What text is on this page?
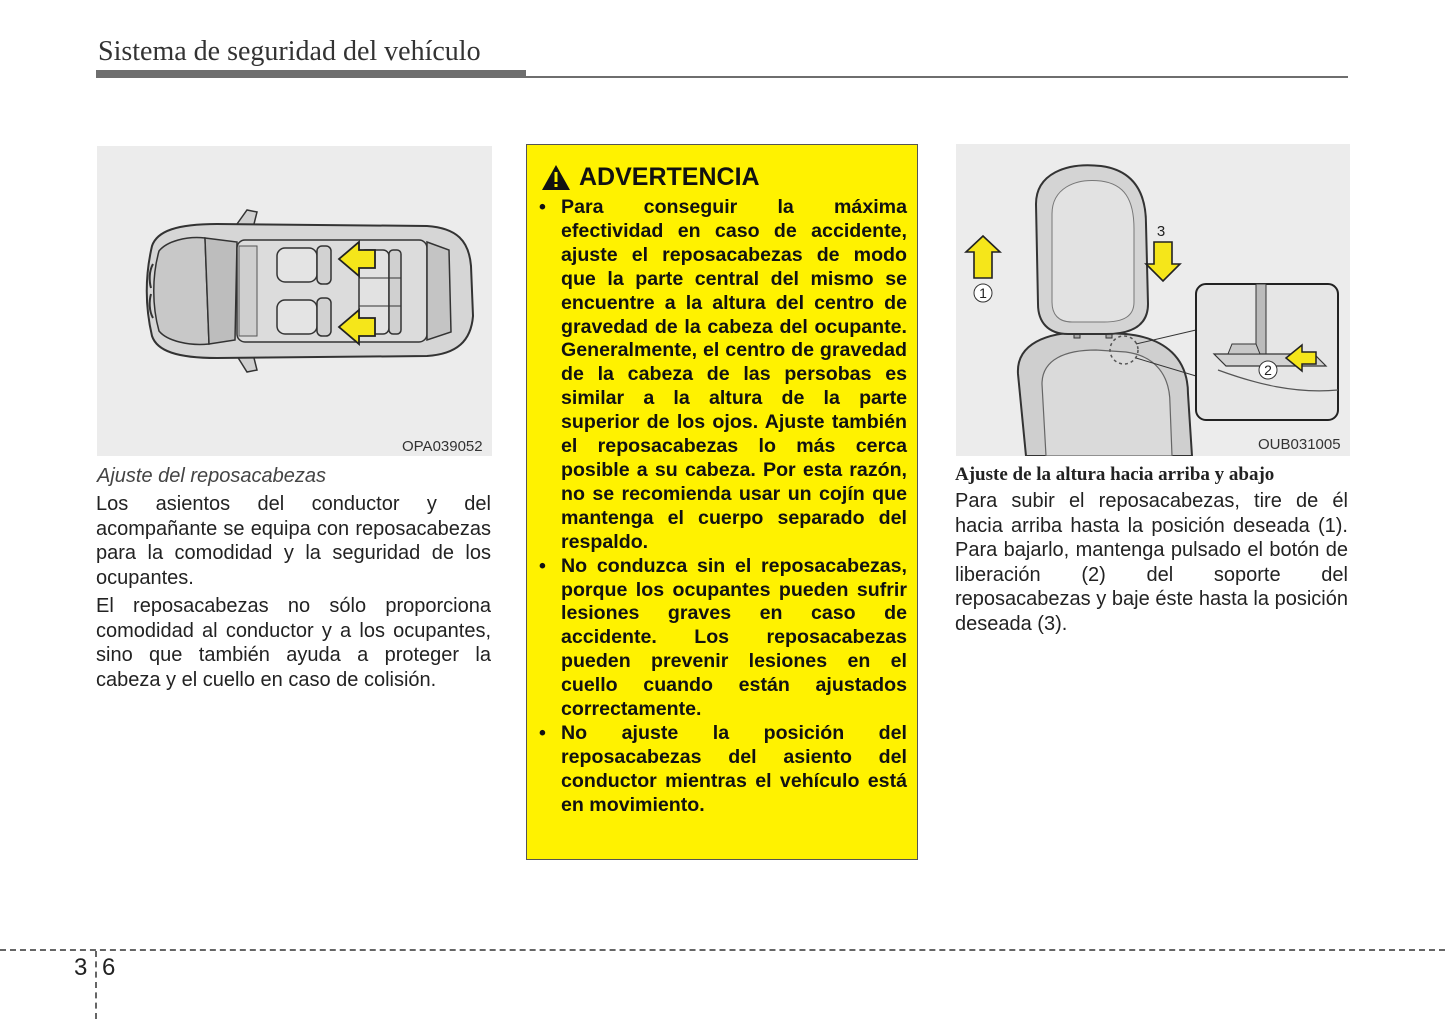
Sistema de seguridad del vehículo
OPA039052
Ajuste del reposacabezas

Los asientos del conductor y del acompañante se equipa con reposacabezas para la comodidad y la seguridad de los ocupantes.

El reposacabezas no sólo proporciona comodidad al conductor y a los ocupantes, sino que también ayuda a proteger la cabeza y el cuello en caso de colisión.

ADVERTENCIA
• Para conseguir la máxima efectividad en caso de accidente, ajuste el reposacabezas de modo que la parte central del mismo se encuentre a la altura del centro de gravedad de la cabeza del ocupante. Generalmente, el centro de gravedad de la cabeza de las persobas es similar a la altura de la parte superior de los ojos. Ajuste también el reposacabezas lo más cerca posible a su cabeza. Por esta razón, no se recomienda usar un cojín que mantenga el cuerpo separado del respaldo.
• No conduzca sin el reposacabezas, porque los ocupantes pueden sufrir lesiones graves en caso de accidente. Los reposacabezas pueden prevenir lesiones en el cuello cuando están ajustados correctamente.
• No ajuste la posición del reposacabezas del asiento del conductor mientras el vehículo está en movimiento.
1
3
2
OUB031005
Ajuste de la altura hacia arriba y abajo

Para subir el reposacabezas, tire de él hacia arriba hasta la posición deseada (1). Para bajarlo, mantenga pulsado el botón de liberación (2) del soporte del reposacabezas y baje éste hasta la posición deseada (3).

3 6
